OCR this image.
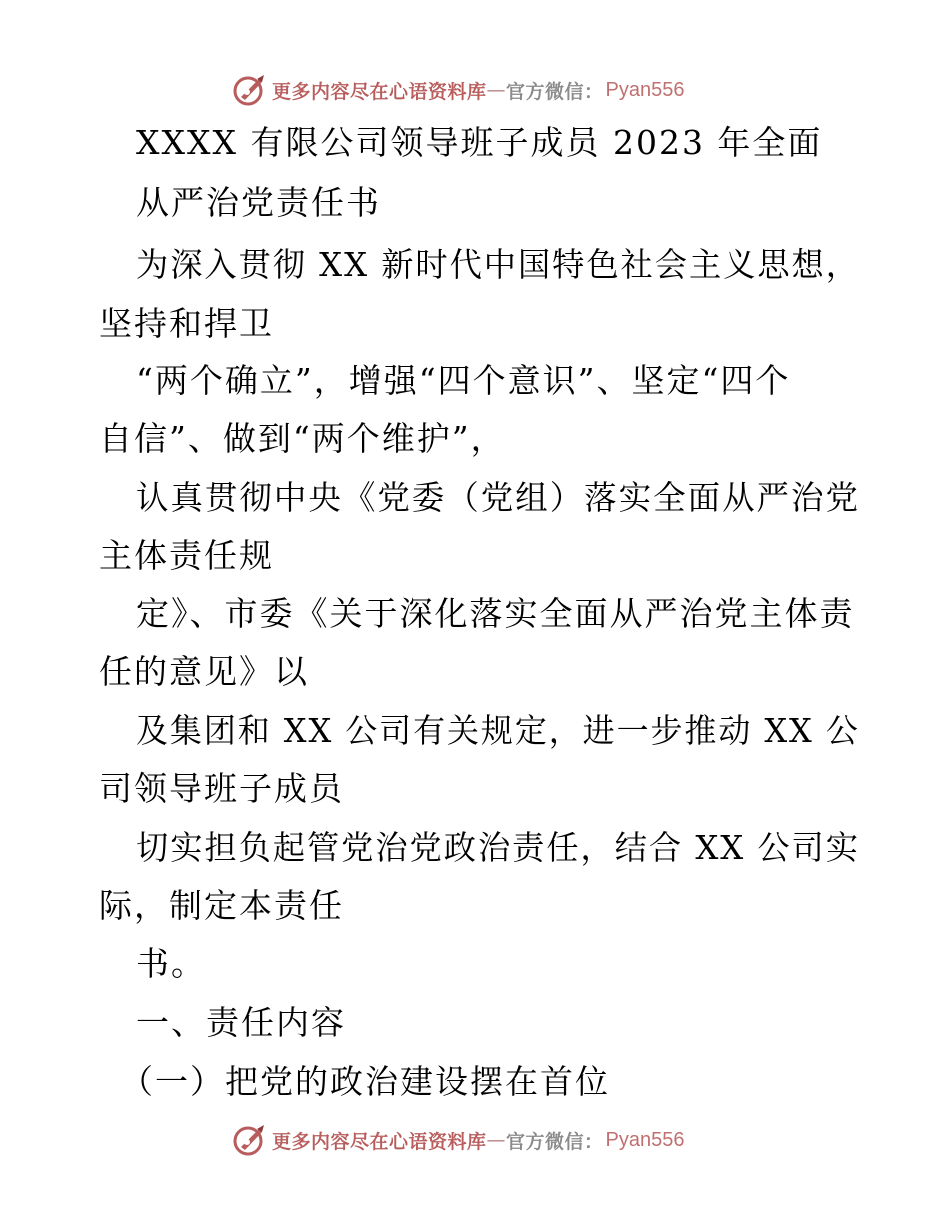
更多内容尽在心语资料库 — 官方微信： Pyan556
XXXX 有限公司领导班子成员 2023 年全面
从严治党责任书
为深入贯彻 XX 新时代中国特色社会主义思想，
坚持和捍卫
“两个确立”，增强“四个意识”、坚定“四个
自信”、做到“两个维护”，
认真贯彻中央《党委（党组）落实全面从严治党
主体责任规
定》、市委《关于深化落实全面从严治党主体责
任的意见》以
及集团和 XX 公司有关规定，进一步推动 XX 公
司领导班子成员
切实担负起管党治党政治责任，结合 XX 公司实
际，制定本责任
书。
一、责任内容
（一）把党的政治建设摆在首位
更多内容尽在心语资料库 — 官方微信： Pyan556
